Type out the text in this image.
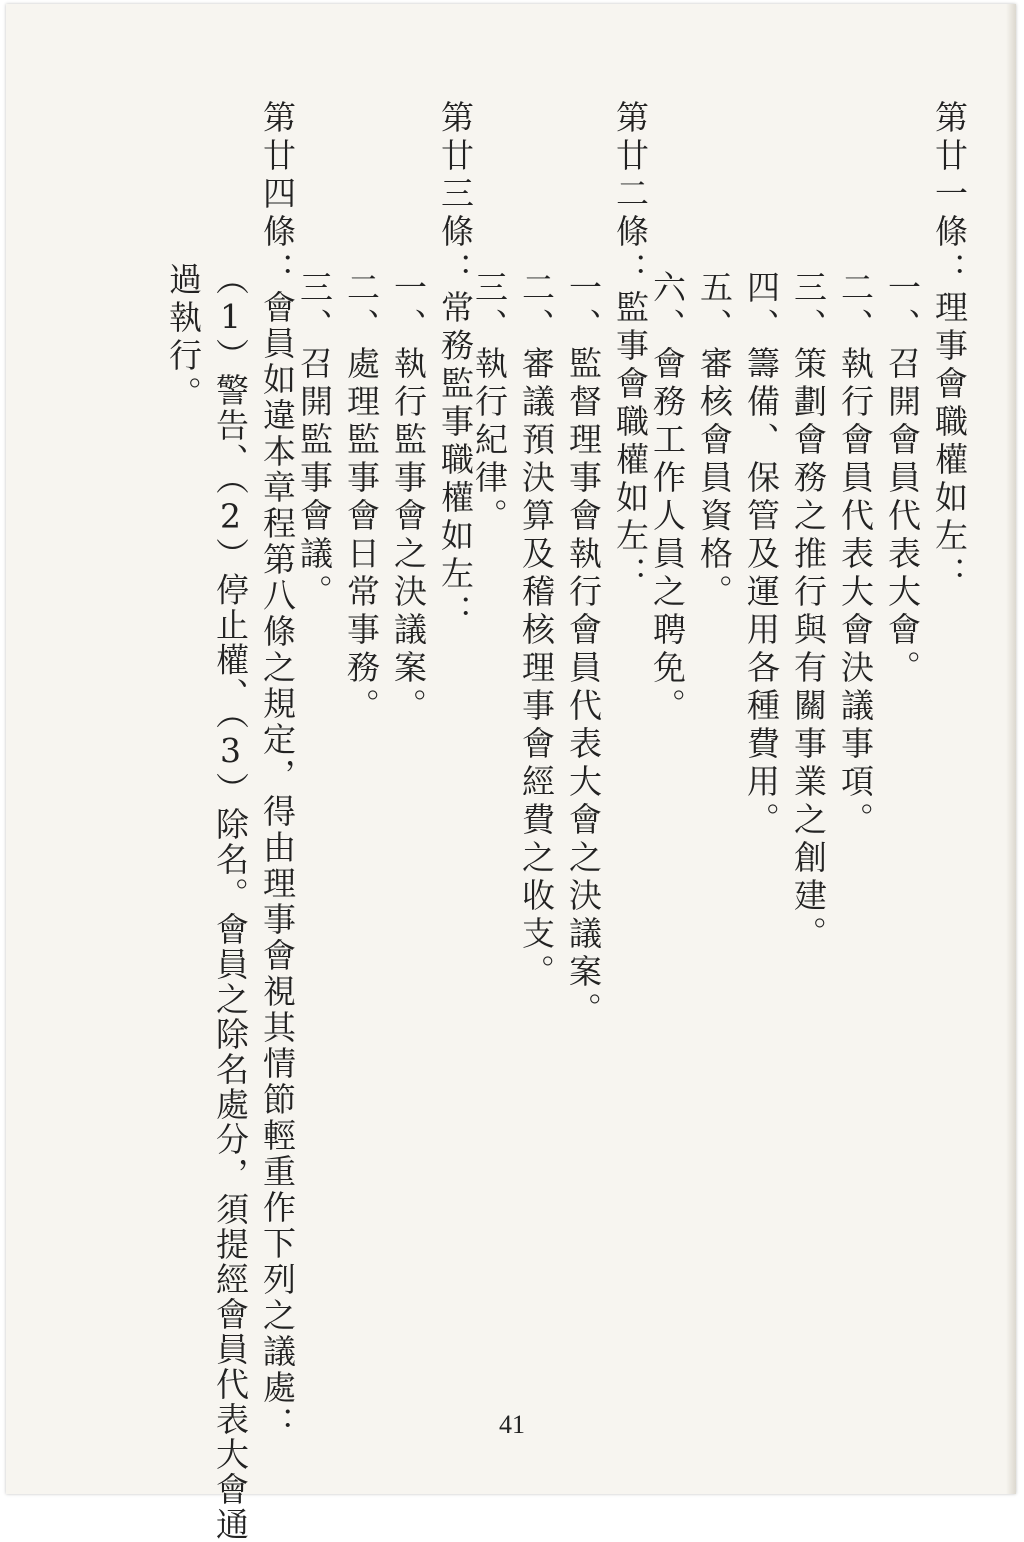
第廿一條：理事會職權如左：
一、召開會員代表大會。
二、執行會員代表大會決議事項。
三、策劃會務之推行與有關事業之創建。
四、籌備、保管及運用各種費用。
五、審核會員資格。
六、會務工作人員之聘免。
第廿二條：監事會職權如左：
一、監督理事會執行會員代表大會之決議案。
二、審議預決算及稽核理事會經費之收支。
三、執行紀律。
第廿三條：常務監事職權如左：
一、執行監事會之決議案。
二、處理監事會日常事務。
三、召開監事會議。
第廿四條：會員如違本章程第八條之規定，得由理事會視其情節輕重作下列之議處：
（1）警告、（2）停止權、（3）除名。會員之除名處分，須提經會員代表大會通
過執行。
41
